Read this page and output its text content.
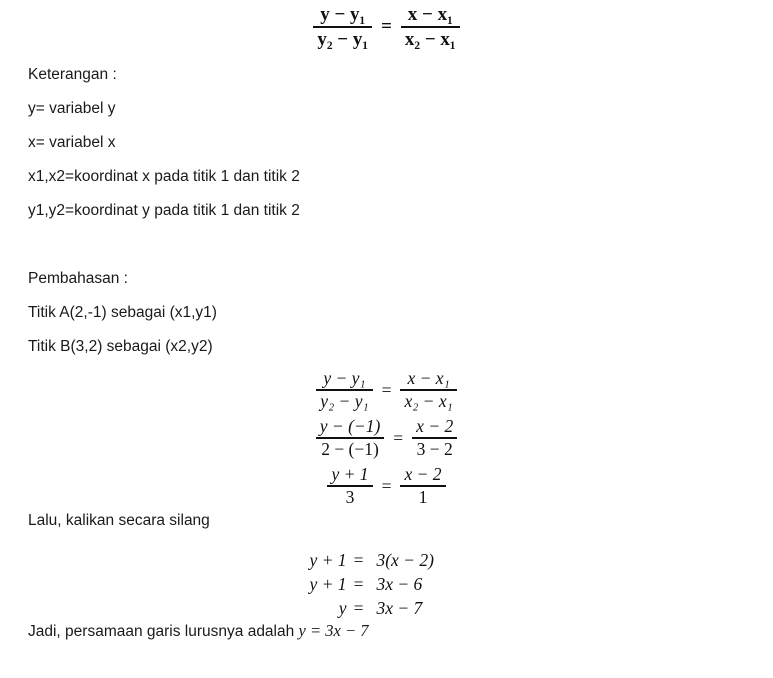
$\frac{\text{y − y₁}}{\text{y₂ − y₁}} = \frac{\text{x − x₁}}{\text{x₂ − x₁}}$
Keterangan :
y= variabel y
x= variabel x
x1,x2=koordinat x pada titik 1 dan titik 2
y1,y2=koordinat y pada titik 1 dan titik 2
Pembahasan :
Titik A(2,-1) sebagai (x1,y1)
Titik B(3,2) sebagai (x2,y2)
$\frac{\text{y − y₁}}{\text{y₂ − y₁}} = \frac{\text{x − x₁}}{\text{x₂ − x₁}}$
$\frac{y - (-1)}{2 - (-1)} = \frac{x - 2}{3 - 2}$
$\frac{y + 1}{3} = \frac{x - 2}{1}$
Lalu, kalikan secara silang
y + 1 = 3(x − 2)
y + 1 = 3x − 6
y = 3x − 7
Jadi, persamaan garis lurusnya adalah y = 3x − 7
